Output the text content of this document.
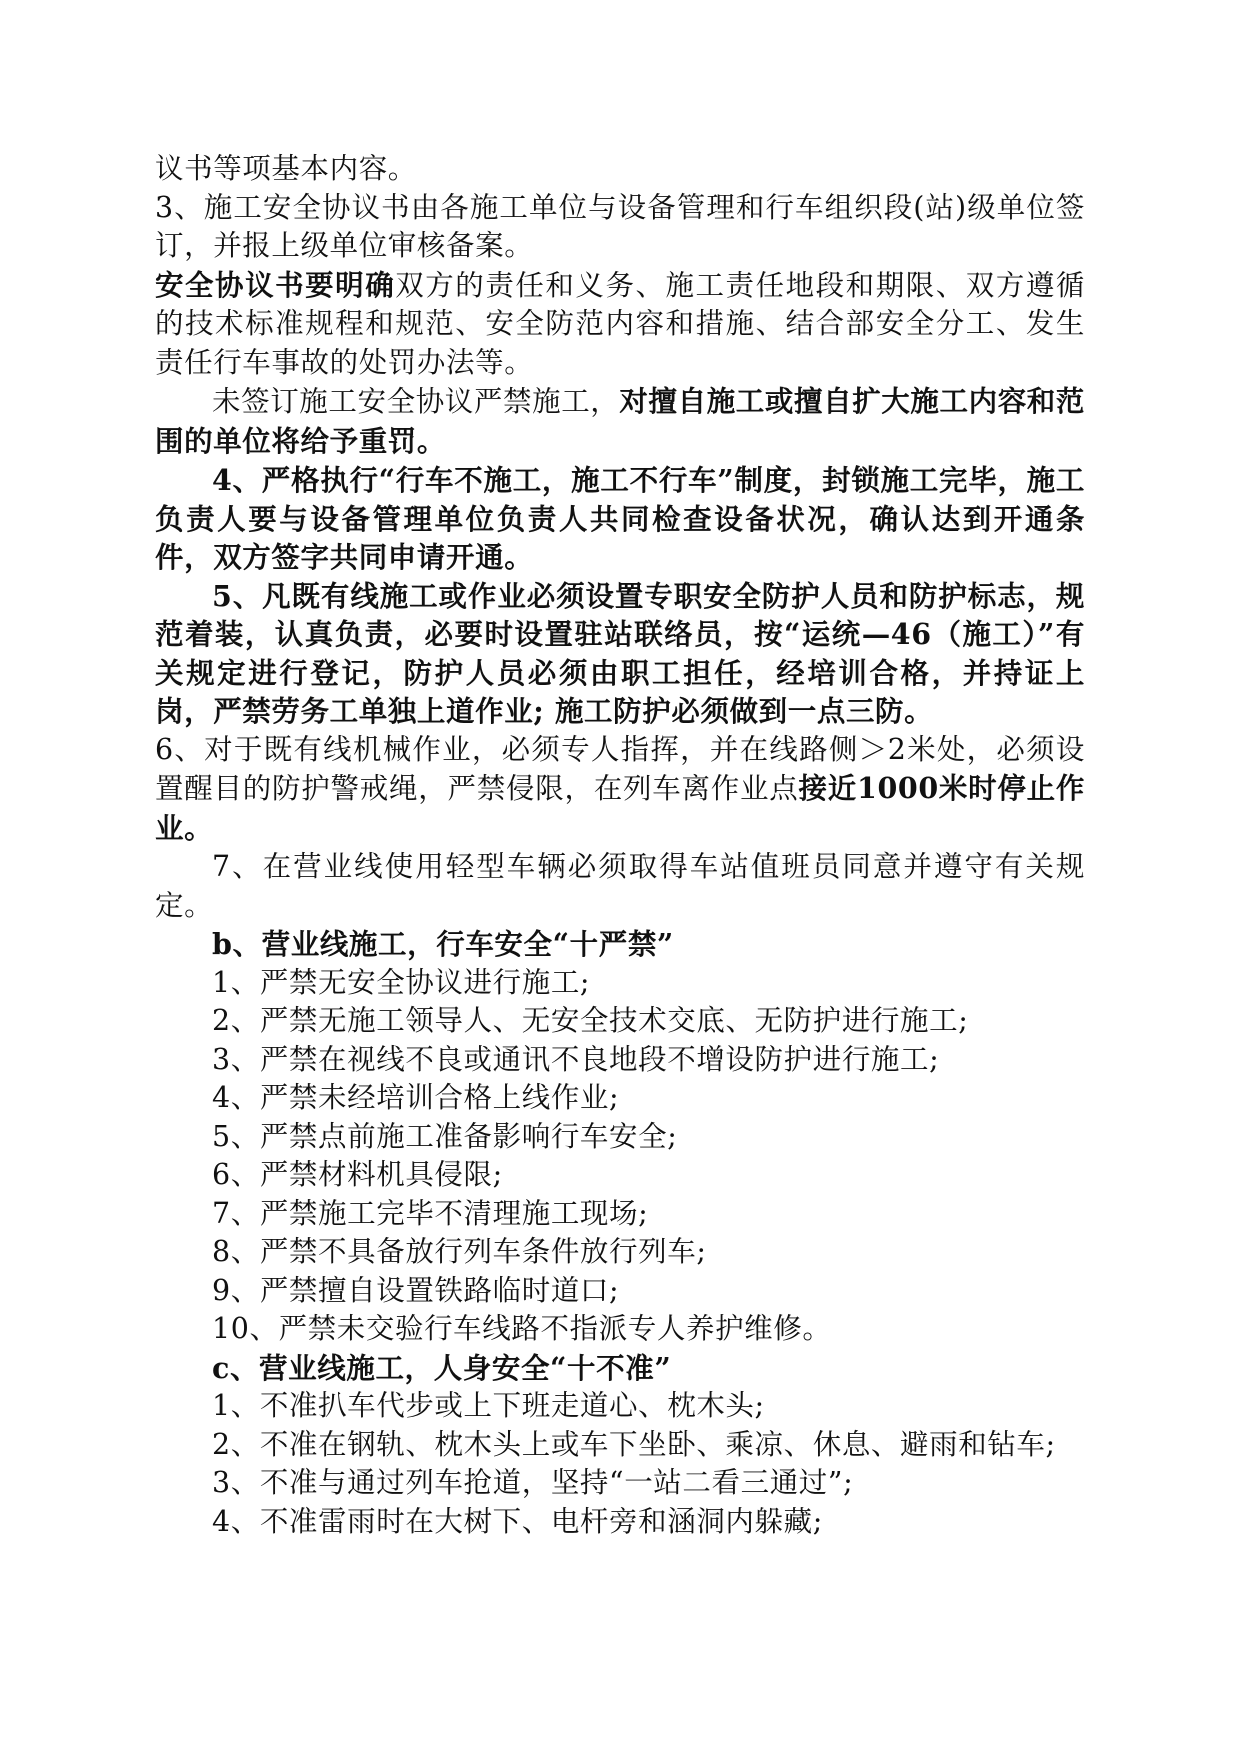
议书等项基本内容。

3、施工安全协议书由各施工单位与设备管理和行车组织段(站)级单位签订，并报上级单位审核备案。

安全协议书要明确双方的责任和义务、施工责任地段和期限、双方遵循的技术标准规程和规范、安全防范内容和措施、结合部安全分工、发生责任行车事故的处罚办法等。

未签订施工安全协议严禁施工，对擅自施工或擅自扩大施工内容和范围的单位将给予重罚。

4、严格执行“行车不施工，施工不行车”制度，封锁施工完毕，施工负责人要与设备管理单位负责人共同检查设备状况，确认达到开通条件，双方签字共同申请开通。

5、凡既有线施工或作业必须设置专职安全防护人员和防护标志，规范着装，认真负责，必要时设置驻站联络员，按“运统—46（施工）”有关规定进行登记，防护人员必须由职工担任，经培训合格，并持证上岗，严禁劳务工单独上道作业; 施工防护必须做到一点三防。

6、对于既有线机械作业，必须专人指挥，并在线路侧＞2米处，必须设置醒目的防护警戒绳，严禁侵限，在列车离作业点接近1000米时停止作业。

7、在营业线使用轻型车辆必须取得车站值班员同意并遵守有关规定。

b、营业线施工，行车安全“十严禁”

1、严禁无安全协议进行施工;

2、严禁无施工领导人、无安全技术交底、无防护进行施工;

3、严禁在视线不良或通讯不良地段不增设防护进行施工;

4、严禁未经培训合格上线作业;

5、严禁点前施工准备影响行车安全;

6、严禁材料机具侵限;

7、严禁施工完毕不清理施工现场;

8、严禁不具备放行列车条件放行列车;

9、严禁擅自设置铁路临时道口;

10、严禁未交验行车线路不指派专人养护维修。

c、营业线施工，人身安全“十不准”

1、不准扒车代步或上下班走道心、枕木头;

2、不准在钢轨、枕木头上或车下坐卧、乘凉、休息、避雨和钻车;

3、不准与通过列车抢道，坚持“一站二看三通过”;

4、不准雷雨时在大树下、电杆旁和涵洞内躲藏;
